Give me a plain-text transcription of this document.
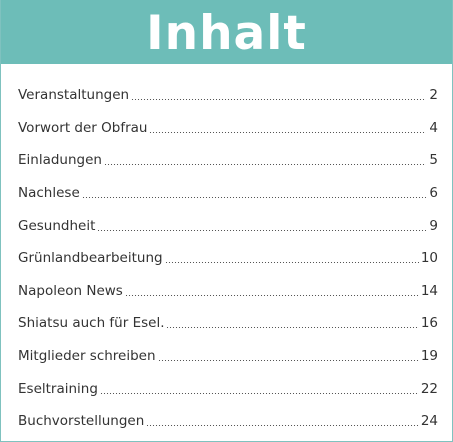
Inhalt
Veranstaltungen	2
Vorwort der Obfrau	4
Einladungen	5
Nachlese	6
Gesundheit	9
Grünlandbearbeitung	10
Napoleon News	14
Shiatsu auch für Esel.	16
Mitglieder schreiben	19
Eseltraining	22
Buchvorstellungen	24
